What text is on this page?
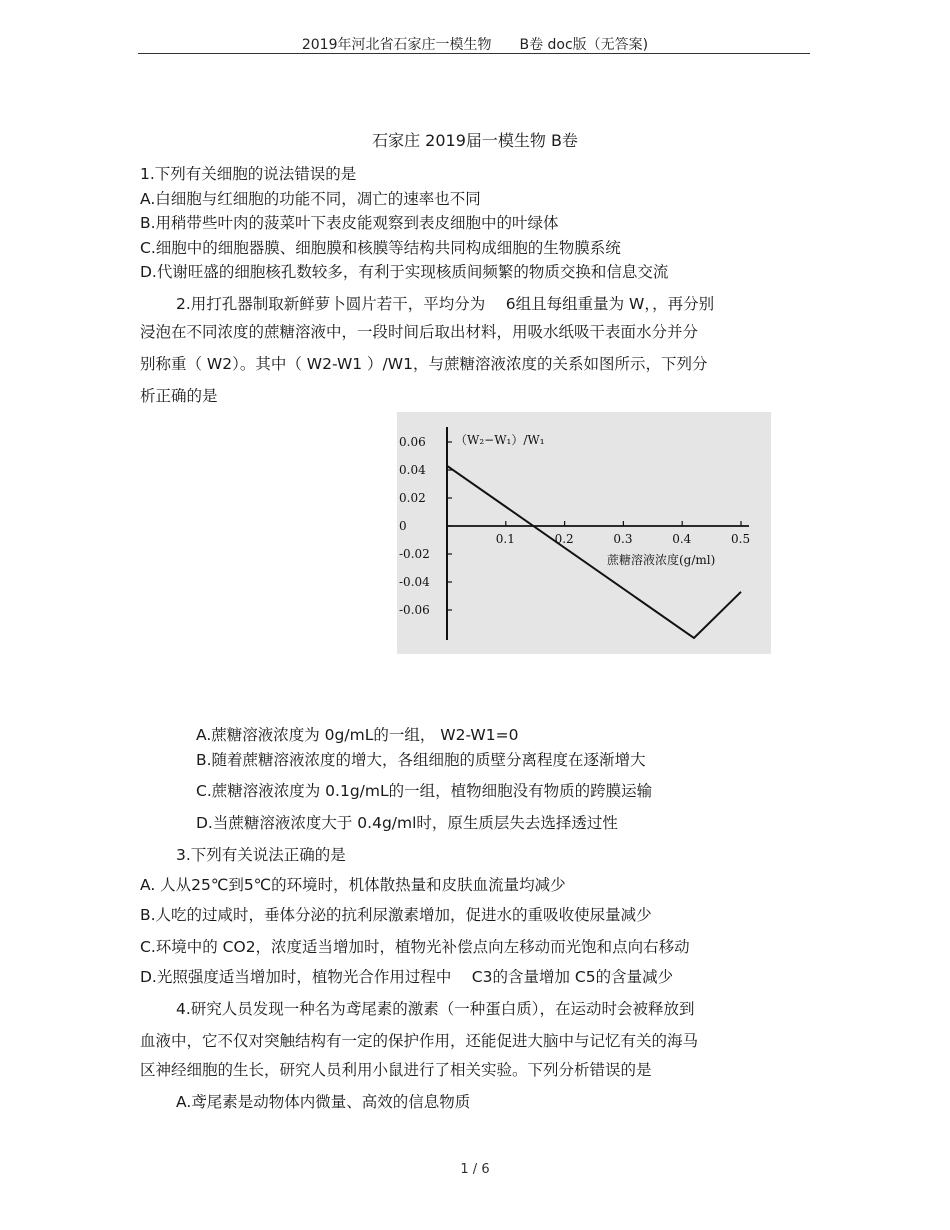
2019年河北省石家庄一模生物　　B卷 doc版（无答案)
石家庄 2019届一模生物 B卷
1.下列有关细胞的说法错误的是
A.白细胞与红细胞的功能不同，凋亡的速率也不同
B.用稍带些叶肉的菠菜叶下表皮能观察到表皮细胞中的叶绿体
C.细胞中的细胞器膜、细胞膜和核膜等结构共同构成细胞的生物膜系统
D.代谢旺盛的细胞核孔数较多，有利于实现核质间频繁的物质交换和信息交流
2.用打孔器制取新鲜萝卜圆片若干，平均分为　 6组且每组重量为 W，，再分别
浸泡在不同浓度的蔗糖溶液中，一段时间后取出材料，用吸水纸吸干表面水分并分
别称重（ W2）。其中（ W2-W1 ）/W1，与蔗糖溶液浓度的关系如图所示，下列分
析正确的是
（W₂−W₁）/W₁
0.06
0.04
0.02
0
-0.02
-0.04
-0.06
0.1	0.2	0.3	0.4	0.5
蔗糖溶液浓度(g/ml)
A.蔗糖溶液浓度为 0g/mL的一组， W2-W1=0
B.随着蔗糖溶液浓度的增大，各组细胞的质壁分离程度在逐渐增大
C.蔗糖溶液浓度为 0.1g/mL的一组，植物细胞没有物质的跨膜运输
D.当蔗糖溶液浓度大于 0.4g/ml时，原生质层失去选择透过性
3.下列有关说法正确的是
A. 人从25℃到5℃的环境时，机体散热量和皮肤血流量均减少
B.人吃的过咸时，垂体分泌的抗利尿激素增加，促进水的重吸收使尿量减少
C.环境中的 CO2，浓度适当增加时，植物光补偿点向左移动而光饱和点向右移动
D.光照强度适当增加时，植物光合作用过程中　 C3的含量增加 C5的含量减少
4.研究人员发现一种名为鸢尾素的激素（一种蛋白质），在运动时会被释放到
血液中，它不仅对突触结构有一定的保护作用，还能促进大脑中与记忆有关的海马
区神经细胞的生长，研究人员利用小鼠进行了相关实验。下列分析错误的是
A.鸢尾素是动物体内微量、高效的信息物质
1 / 6
